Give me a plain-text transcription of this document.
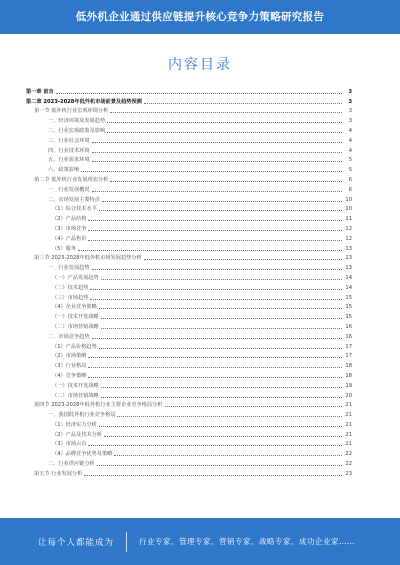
低外机企业通过供应链提升核心竞争力策略研究报告
内容目录
第一章 前言	3
第二章 2023-2028年低外机市场前景及趋势预测	3
第一节 低外机行业宏观环境分析	3
一、经济环境及发展趋势	3
二、行业宏观政策及影响	4
三、行业社会环境	4
四、行业技术环境	4
五、行业需求环境	5
六、政策影响	5
第二节 低外机行业发展现状分析	6
一、行业发展概况	6
二、市场发展主要特点	10
（1）综合技术水平	10
（2）产品结构	11
（3）市场竞争	12
（4）产品售价	12
（5）服务	13
第三节 2023-2028年低外机市场发展趋势分析	13
一、行业发展趋势	13
（一）产品发展趋势	14
（二）技术趋势	14
（三）市场趋势	15
（4）企业竞争策略	15
（一）技术开发战略	15
（二）市场营销战略	16
二、市场竞争趋势	16
（1）产品价格趋势	17
（2）市场策略	17
（3）行业格局	18
（4）竞争策略	18
（一）技术开发战略	19
（二）市场营销战略	20
第四节 2023-2028年低外机行业主要企业竞争格局分析	21
一、我国低外机行业竞争格局	21
（1）经济实力分析	21
（2）产品及技术分析	21
（3）市场占有	21
（4）品牌竞争优势及策略	22
二、行业供应链分析	22
第五节 行业发展分析	23
让每个人都能成为	行业专家、管理专家、营销专家、战略专家、成功企业家……
